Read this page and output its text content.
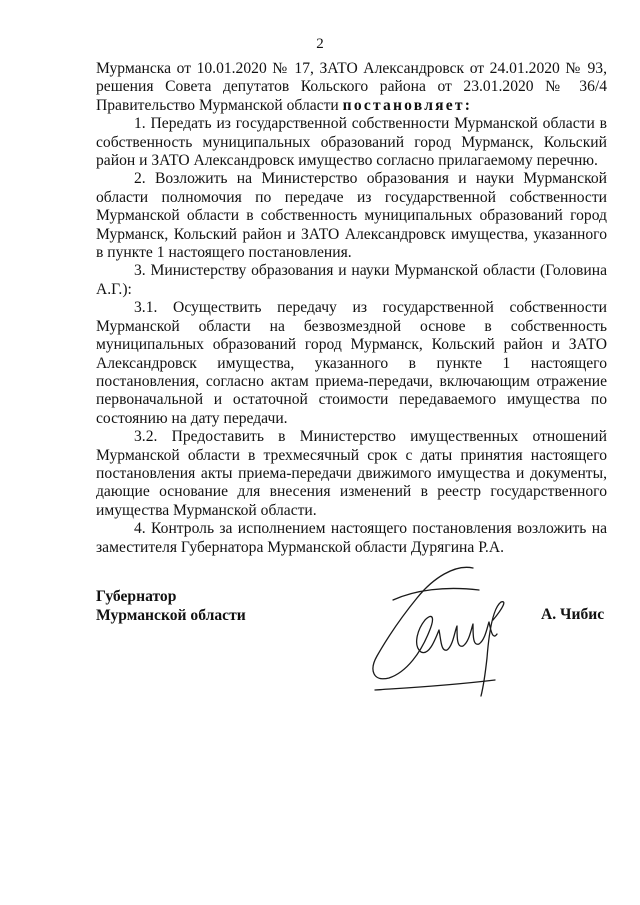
2

Мурманска от 10.01.2020 № 17, ЗАТО Александровск от 24.01.2020 № 93, решения Совета депутатов Кольского района от 23.01.2020 № 36/4 Правительство Мурманской области постановляет:

1. Передать из государственной собственности Мурманской области в собственность муниципальных образований город Мурманск, Кольский район и ЗАТО Александровск имущество согласно прилагаемому перечню.

2. Возложить на Министерство образования и науки Мурманской области полномочия по передаче из государственной собственности Мурманской области в собственность муниципальных образований город Мурманск, Кольский район и ЗАТО Александровск имущества, указанного в пункте 1 настоящего постановления.

3. Министерству образования и науки Мурманской области (Головина А.Г.):

3.1. Осуществить передачу из государственной собственности Мурманской области на безвозмездной основе в собственность муниципальных образований город Мурманск, Кольский район и ЗАТО Александровск имущества, указанного в пункте 1 настоящего постановления, согласно актам приема-передачи, включающим отражение первоначальной и остаточной стоимости передаваемого имущества по состоянию на дату передачи.

3.2. Предоставить в Министерство имущественных отношений Мурманской области в трехмесячный срок с даты принятия настоящего постановления акты приема-передачи движимого имущества и документы, дающие основание для внесения изменений в реестр государственного имущества Мурманской области.

4. Контроль за исполнением настоящего постановления возложить на заместителя Губернатора Мурманской области Дурягина Р.А.

Губернатор
Мурманской области	А. Чибис
